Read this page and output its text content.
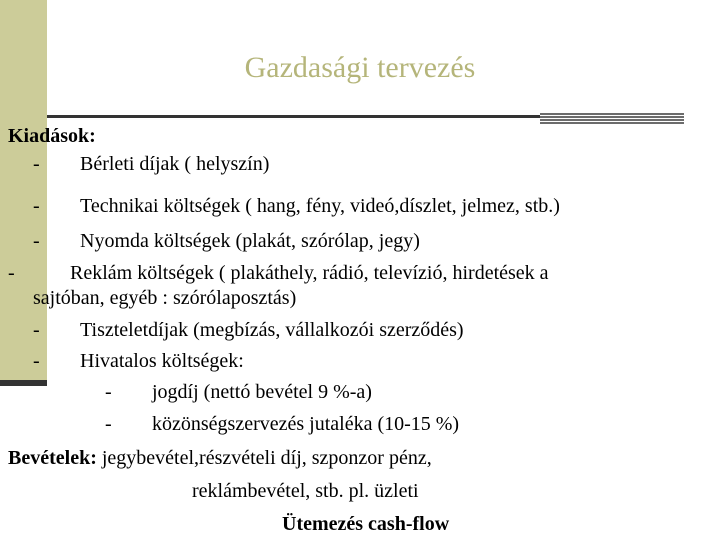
Gazdasági tervezés
Kiadások:
- Bérleti díjak ( helyszín)
- Technikai költségek ( hang, fény, videó,díszlet, jelmez, stb.)
- Nyomda költségek (plakát, szórólap, jegy)
-	Reklám költségek ( plakáthely, rádió, televízió, hirdetések a
sajtóban, egyéb : szórólaposztás)
- Tiszteletdíjak (megbízás, vállalkozói szerződés)
- Hivatalos költségek:
- jogdíj (nettó bevétel 9 %-a)
- közönségszervezés jutaléka (10-15 %)
Bevételek: jegybevétel,részvételi díj, szponzor pénz,
reklámbevétel, stb. pl. üzleti
Ütemezés cash-flow
